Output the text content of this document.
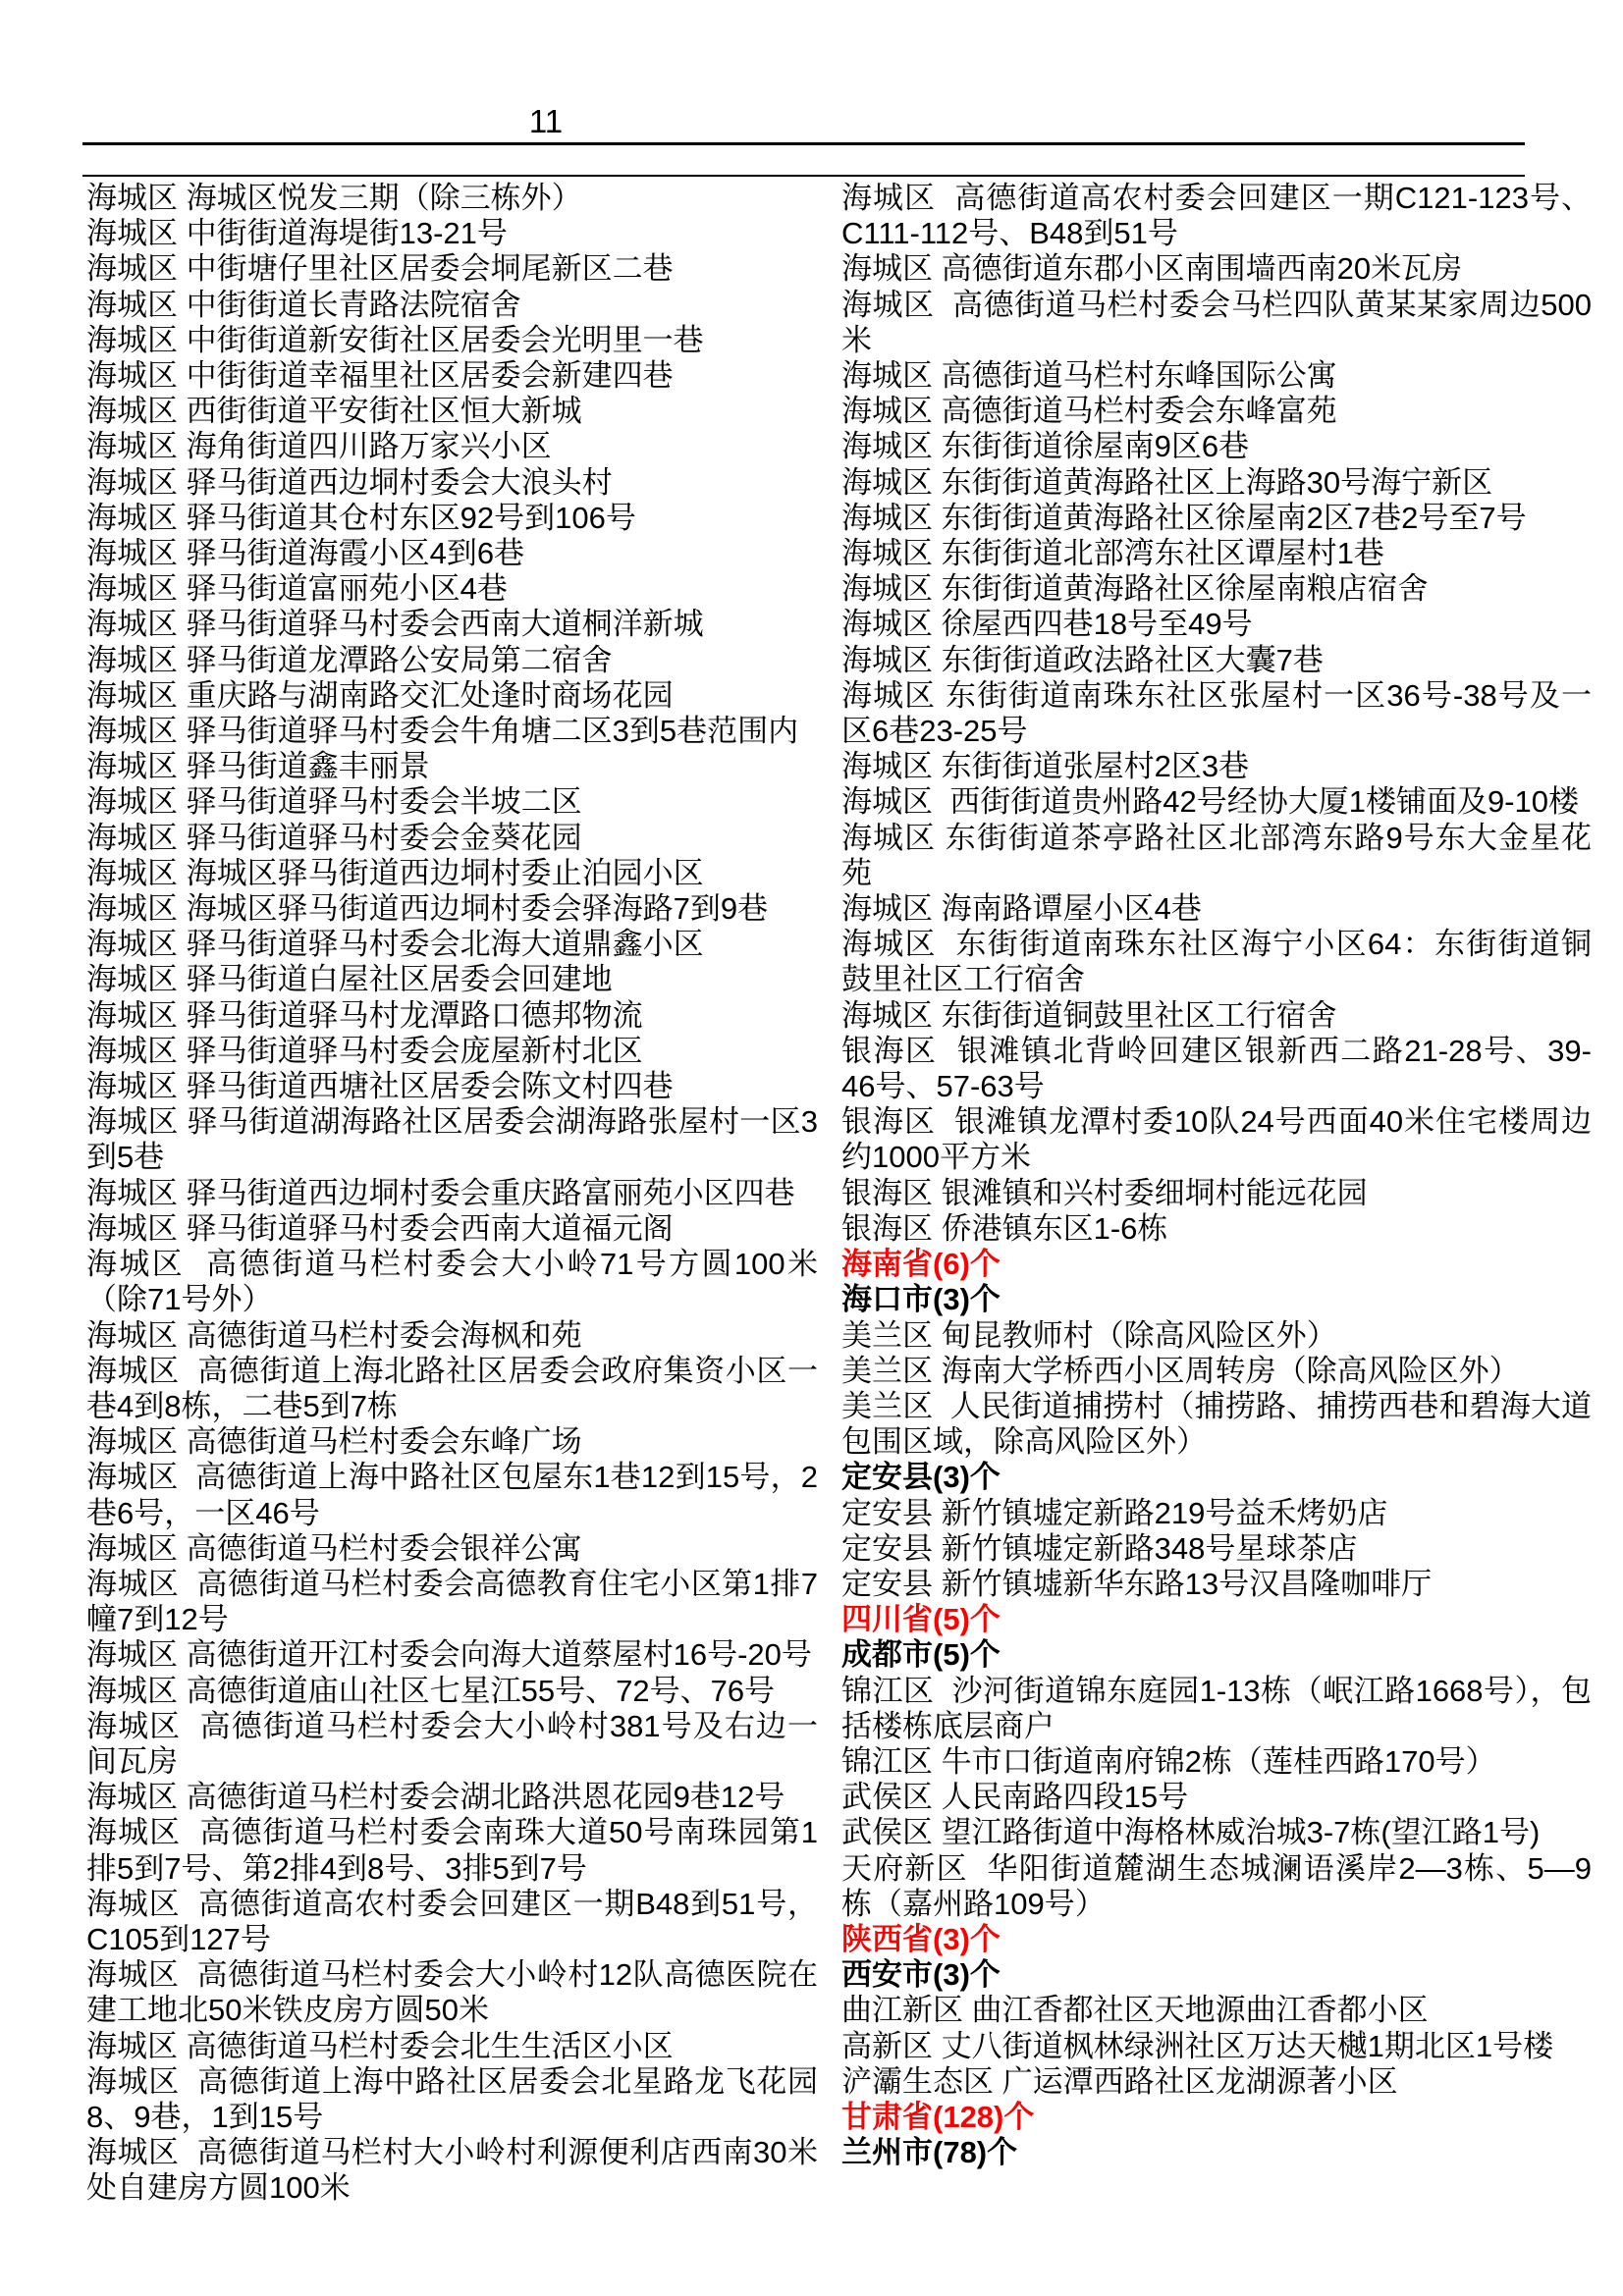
11

海城区 海城区悦发三期（除三栋外）

海城区 中街街道海堤街13-21号

海城区 中街塘仔里社区居委会垌尾新区二巷

海城区 中街街道长青路法院宿舍

海城区 中街街道新安街社区居委会光明里一巷

海城区 中街街道幸福里社区居委会新建四巷

海城区 西街街道平安街社区恒大新城

海城区 海角街道四川路万家兴小区

海城区 驿马街道西边垌村委会大浪头村

海城区 驿马街道其仓村东区92号到106号

海城区 驿马街道海霞小区4到6巷

海城区 驿马街道富丽苑小区4巷

海城区 驿马街道驿马村委会西南大道桐洋新城

海城区 驿马街道龙潭路公安局第二宿舍

海城区 重庆路与湖南路交汇处逢时商场花园

海城区 驿马街道驿马村委会牛角塘二区3到5巷范围内

海城区 驿马街道鑫丰丽景

海城区 驿马街道驿马村委会半坡二区

海城区 驿马街道驿马村委会金葵花园

海城区 海城区驿马街道西边垌村委止泊园小区

海城区 海城区驿马街道西边垌村委会驿海路7到9巷

海城区 驿马街道驿马村委会北海大道鼎鑫小区

海城区 驿马街道白屋社区居委会回建地

海城区 驿马街道驿马村龙潭路口德邦物流

海城区 驿马街道驿马村委会庞屋新村北区

海城区 驿马街道西塘社区居委会陈文村四巷

海城区 驿马街道湖海路社区居委会湖海路张屋村一区3到5巷

海城区 驿马街道西边垌村委会重庆路富丽苑小区四巷

海城区 驿马街道驿马村委会西南大道福元阁

海城区  高德街道马栏村委会大小岭71号方圆100米（除71号外）

海城区 高德街道马栏村委会海枫和苑

海城区  高德街道上海北路社区居委会政府集资小区一巷4到8栋，二巷5到7栋

海城区 高德街道马栏村委会东峰广场

海城区  高德街道上海中路社区包屋东1巷12到15号，2巷6号，一区46号

海城区 高德街道马栏村委会银祥公寓

海城区  高德街道马栏村委会高德教育住宅小区第1排7幢7到12号

海城区 高德街道开江村委会向海大道蔡屋村16号-20号

海城区 高德街道庙山社区七星江55号、72号、76号

海城区  高德街道马栏村委会大小岭村381号及右边一间瓦房

海城区 高德街道马栏村委会湖北路洪恩花园9巷12号

海城区  高德街道马栏村委会南珠大道50号南珠园第1排5到7号、第2排4到8号、3排5到7号

海城区  高德街道高农村委会回建区一期B48到51号，C105到127号

海城区  高德街道马栏村委会大小岭村12队高德医院在建工地北50米铁皮房方圆50米

海城区 高德街道马栏村委会北生生活区小区

海城区  高德街道上海中路社区居委会北星路龙飞花园8、9巷，1到15号

海城区  高德街道马栏村大小岭村利源便利店西南30米处自建房方圆100米

海城区  高德街道高农村委会回建区一期C121-123号、C111-112号、B48到51号

海城区 高德街道东郡小区南围墙西南20米瓦房

海城区  高德街道马栏村委会马栏四队黄某某家周边500米

海城区 高德街道马栏村东峰国际公寓

海城区 高德街道马栏村委会东峰富苑

海城区 东街街道徐屋南9区6巷

海城区 东街街道黄海路社区上海路30号海宁新区

海城区 东街街道黄海路社区徐屋南2区7巷2号至7号

海城区 东街街道北部湾东社区谭屋村1巷

海城区 东街街道黄海路社区徐屋南粮店宿舍

海城区 徐屋西四巷18号至49号

海城区 东街街道政法路社区大囊7巷

海城区 东街街道南珠东社区张屋村一区36号-38号及一区6巷23-25号

海城区 东街街道张屋村2区3巷

海城区  西街街道贵州路42号经协大厦1楼铺面及9-10楼

海城区 东街街道茶亭路社区北部湾东路9号东大金星花苑

海城区 海南路谭屋小区4巷

海城区  东街街道南珠东社区海宁小区64：东街街道铜鼓里社区工行宿舍

海城区 东街街道铜鼓里社区工行宿舍

银海区  银滩镇北背岭回建区银新西二路21-28号、39-46号、57-63号

银海区  银滩镇龙潭村委10队24号西面40米住宅楼周边约1000平方米

银海区 银滩镇和兴村委细垌村能远花园

银海区 侨港镇东区1-6栋

海南省(6)个

海口市(3)个

美兰区 甸昆教师村（除高风险区外）

美兰区 海南大学桥西小区周转房（除高风险区外）

美兰区  人民街道捕捞村（捕捞路、捕捞西巷和碧海大道包围区域，除高风险区外）

定安县(3)个

定安县 新竹镇墟定新路219号益禾烤奶店

定安县 新竹镇墟定新路348号星球茶店

定安县 新竹镇墟新华东路13号汉昌隆咖啡厅

四川省(5)个

成都市(5)个

锦江区  沙河街道锦东庭园1-13栋（岷江路1668号），包括楼栋底层商户

锦江区 牛市口街道南府锦2栋（莲桂西路170号）

武侯区 人民南路四段15号

武侯区 望江路街道中海格林威治城3-7栋(望江路1号)

天府新区  华阳街道麓湖生态城澜语溪岸2—3栋、5—9栋（嘉州路109号）

陕西省(3)个

西安市(3)个

曲江新区 曲江香都社区天地源曲江香都小区

高新区 丈八街道枫林绿洲社区万达天樾1期北区1号楼

浐灞生态区 广运潭西路社区龙湖源著小区

甘肃省(128)个

兰州市(78)个
